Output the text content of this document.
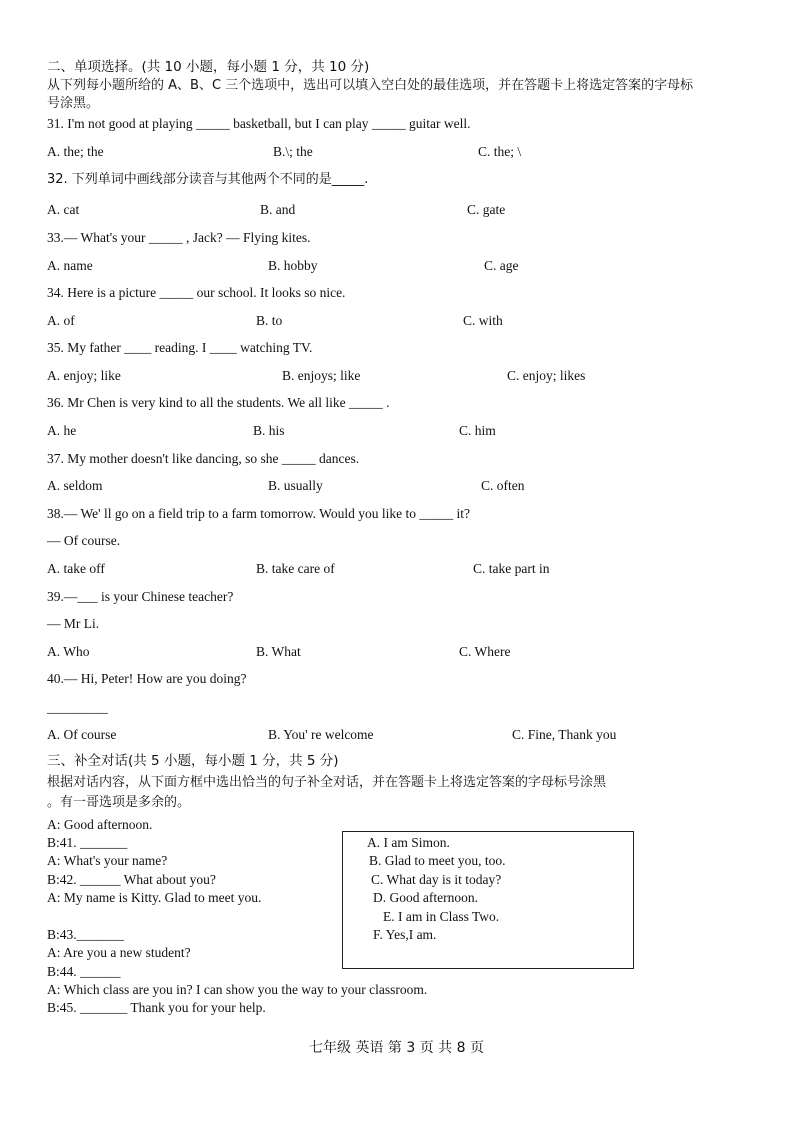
二、单项选择。(共 10 小题，每小题 1 分，共 10 分)
从下列每小题所给的 A、B、C 三个选项中，选出可以填入空白处的最佳选项，并在答题卡上将选定答案的字母标
号涂黑。
31. I'm not good at playing _____ basketball, but I can play _____ guitar well.
A. the; the	B.\; the	C. the; \
32. 下列单词中画线部分读音与其他两个不同的是_____.
A. cat	B. and	C. gate
33.— What's your _____ , Jack? — Flying kites.
A. name	B. hobby	C. age
34. Here is a picture _____ our school. It looks so nice.
A. of	B. to	C. with
35. My father ____ reading. I ____ watching TV.
A. enjoy; like	B. enjoys; like	C. enjoy; likes
36. Mr Chen is very kind to all the students. We all like _____ .
A. he	B. his	C. him
37. My mother doesn't like dancing, so she _____ dances.
A. seldom	B. usually	C. often
38.— We' ll go on a field trip to a farm tomorrow. Would you like to _____ it?
— Of course.
A. take off	B. take care of	C. take part in
39.—___ is your Chinese teacher?
— Mr Li.
A. Who	B. What	C. Where
40.— Hi, Peter! How are you doing?
_________
A. Of course	B. You' re welcome	C. Fine, Thank you
三、补全对话(共 5 小题，每小题 1 分，共 5 分)
根据对话内容，从下面方框中选出恰当的句子补全对话，并在答题卡上将选定答案的字母标号涂黑
。有一哥选项是多余的。
A: Good afternoon.
B:41. _______
A: What's your name?
B:42. ______ What about you?
A: My name is Kitty. Glad to meet you.
B:43._______
A: Are you a new student?
B:44. ______
A: Which class are you in? I can show you the way to your classroom.
B:45. _______ Thank you for your help.
A. I am Simon.
B. Glad to meet you, too.
C. What day is it today?
D. Good afternoon.
E. I am in Class Two.
F. Yes,I am.
七年级 英语 第 3 页 共 8 页
